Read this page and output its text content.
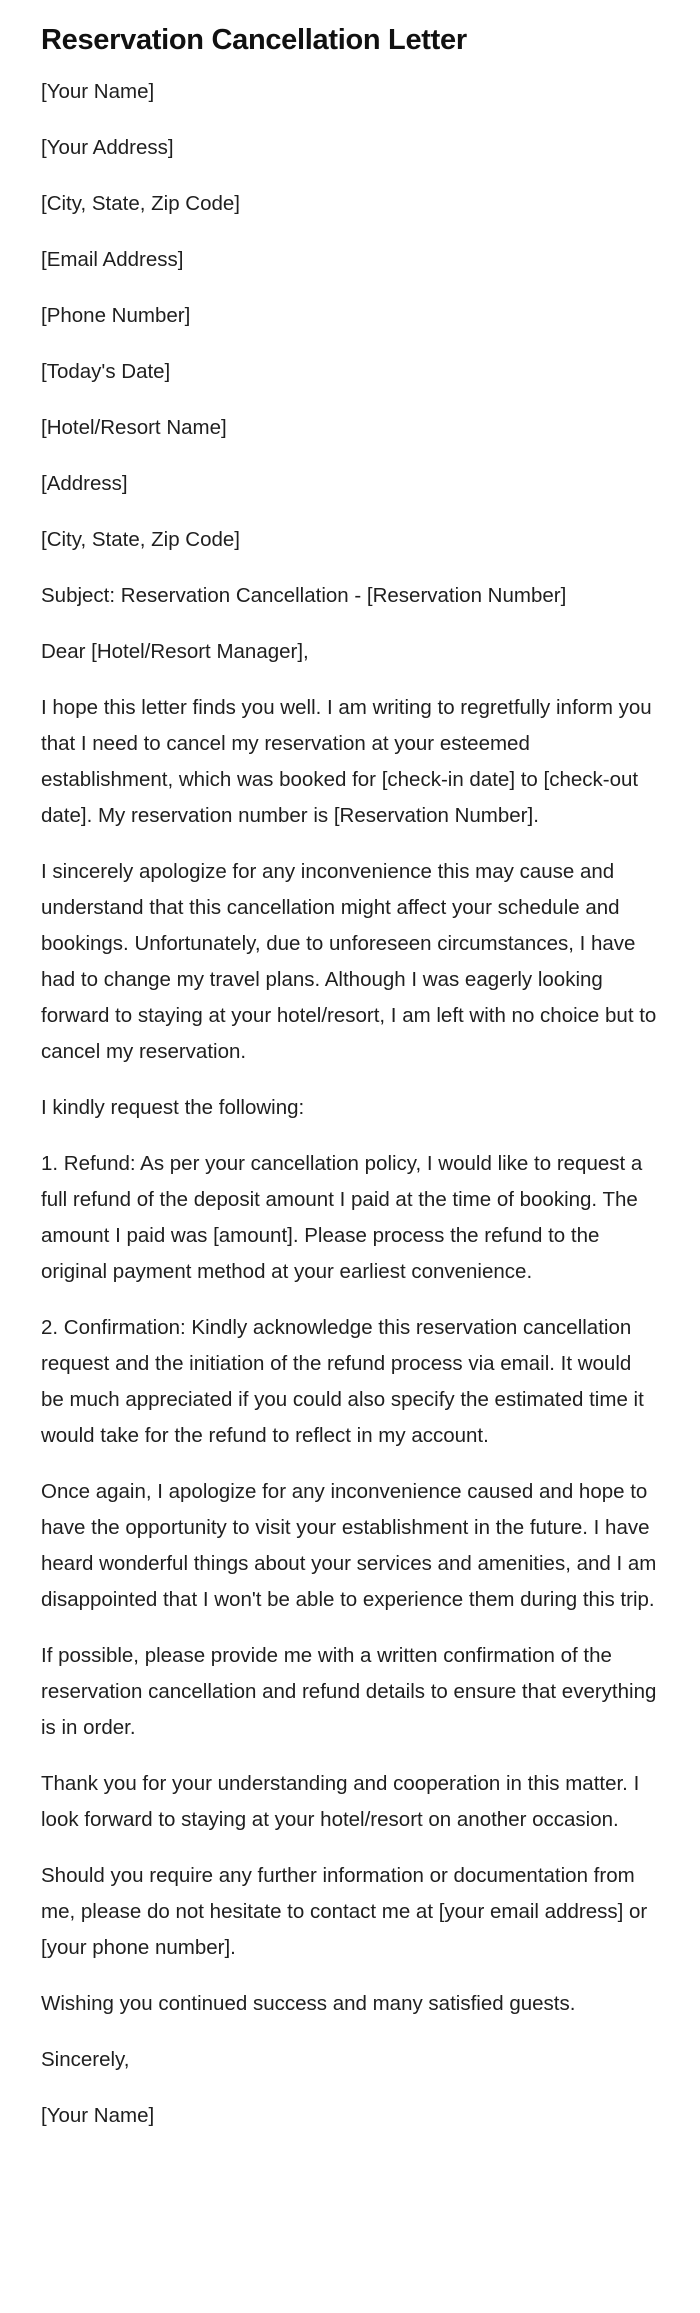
Reservation Cancellation Letter

[Your Name]

[Your Address]

[City, State, Zip Code]

[Email Address]

[Phone Number]

[Today's Date]

[Hotel/Resort Name]

[Address]

[City, State, Zip Code]

Subject: Reservation Cancellation - [Reservation Number]

Dear [Hotel/Resort Manager],

I hope this letter finds you well. I am writing to regretfully inform you that I need to cancel my reservation at your esteemed establishment, which was booked for [check-in date] to [check-out date]. My reservation number is [Reservation Number].

I sincerely apologize for any inconvenience this may cause and understand that this cancellation might affect your schedule and bookings. Unfortunately, due to unforeseen circumstances, I have had to change my travel plans. Although I was eagerly looking forward to staying at your hotel/resort, I am left with no choice but to cancel my reservation.

I kindly request the following:

1. Refund: As per your cancellation policy, I would like to request a full refund of the deposit amount I paid at the time of booking. The amount I paid was [amount]. Please process the refund to the original payment method at your earliest convenience.

2. Confirmation: Kindly acknowledge this reservation cancellation request and the initiation of the refund process via email. It would be much appreciated if you could also specify the estimated time it would take for the refund to reflect in my account.

Once again, I apologize for any inconvenience caused and hope to have the opportunity to visit your establishment in the future. I have heard wonderful things about your services and amenities, and I am disappointed that I won't be able to experience them during this trip.

If possible, please provide me with a written confirmation of the reservation cancellation and refund details to ensure that everything is in order.

Thank you for your understanding and cooperation in this matter. I look forward to staying at your hotel/resort on another occasion.

Should you require any further information or documentation from me, please do not hesitate to contact me at [your email address] or [your phone number].

Wishing you continued success and many satisfied guests.

Sincerely,

[Your Name]
